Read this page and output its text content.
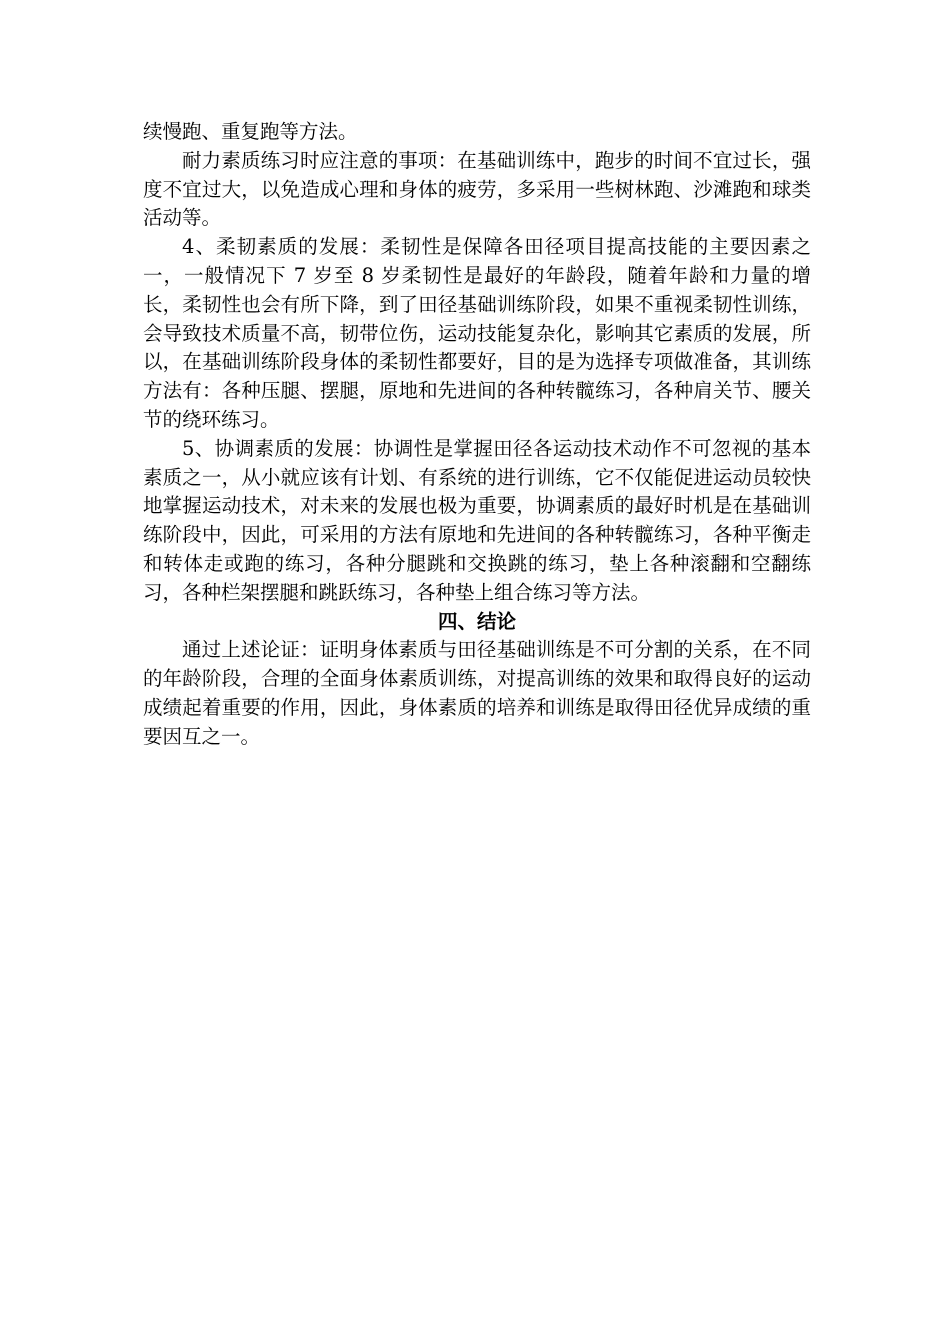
续慢跑、重复跑等方法。

耐力素质练习时应注意的事项：在基础训练中，跑步的时间不宜过长，强度不宜过大，以免造成心理和身体的疲劳，多采用一些树林跑、沙滩跑和球类活动等。

4、柔韧素质的发展：柔韧性是保障各田径项目提高技能的主要因素之一，一般情况下 7 岁至 8 岁柔韧性是最好的年龄段，随着年龄和力量的增长，柔韧性也会有所下降，到了田径基础训练阶段，如果不重视柔韧性训练，会导致技术质量不高，韧带位伤，运动技能复杂化，影响其它素质的发展，所以，在基础训练阶段身体的柔韧性都要好，目的是为选择专项做准备，其训练方法有：各种压腿、摆腿，原地和先进间的各种转髋练习，各种肩关节、腰关节的绕环练习。

5、协调素质的发展：协调性是掌握田径各运动技术动作不可忽视的基本素质之一，从小就应该有计划、有系统的进行训练，它不仅能促进运动员较快地掌握运动技术，对未来的发展也极为重要，协调素质的最好时机是在基础训练阶段中，因此，可采用的方法有原地和先进间的各种转髋练习，各种平衡走和转体走或跑的练习，各种分腿跳和交换跳的练习，垫上各种滚翻和空翻练习，各种栏架摆腿和跳跃练习，各种垫上组合练习等方法。

四、结论

通过上述论证：证明身体素质与田径基础训练是不可分割的关系，在不同的年龄阶段，合理的全面身体素质训练，对提高训练的效果和取得良好的运动成绩起着重要的作用，因此，身体素质的培养和训练是取得田径优异成绩的重要因互之一。
